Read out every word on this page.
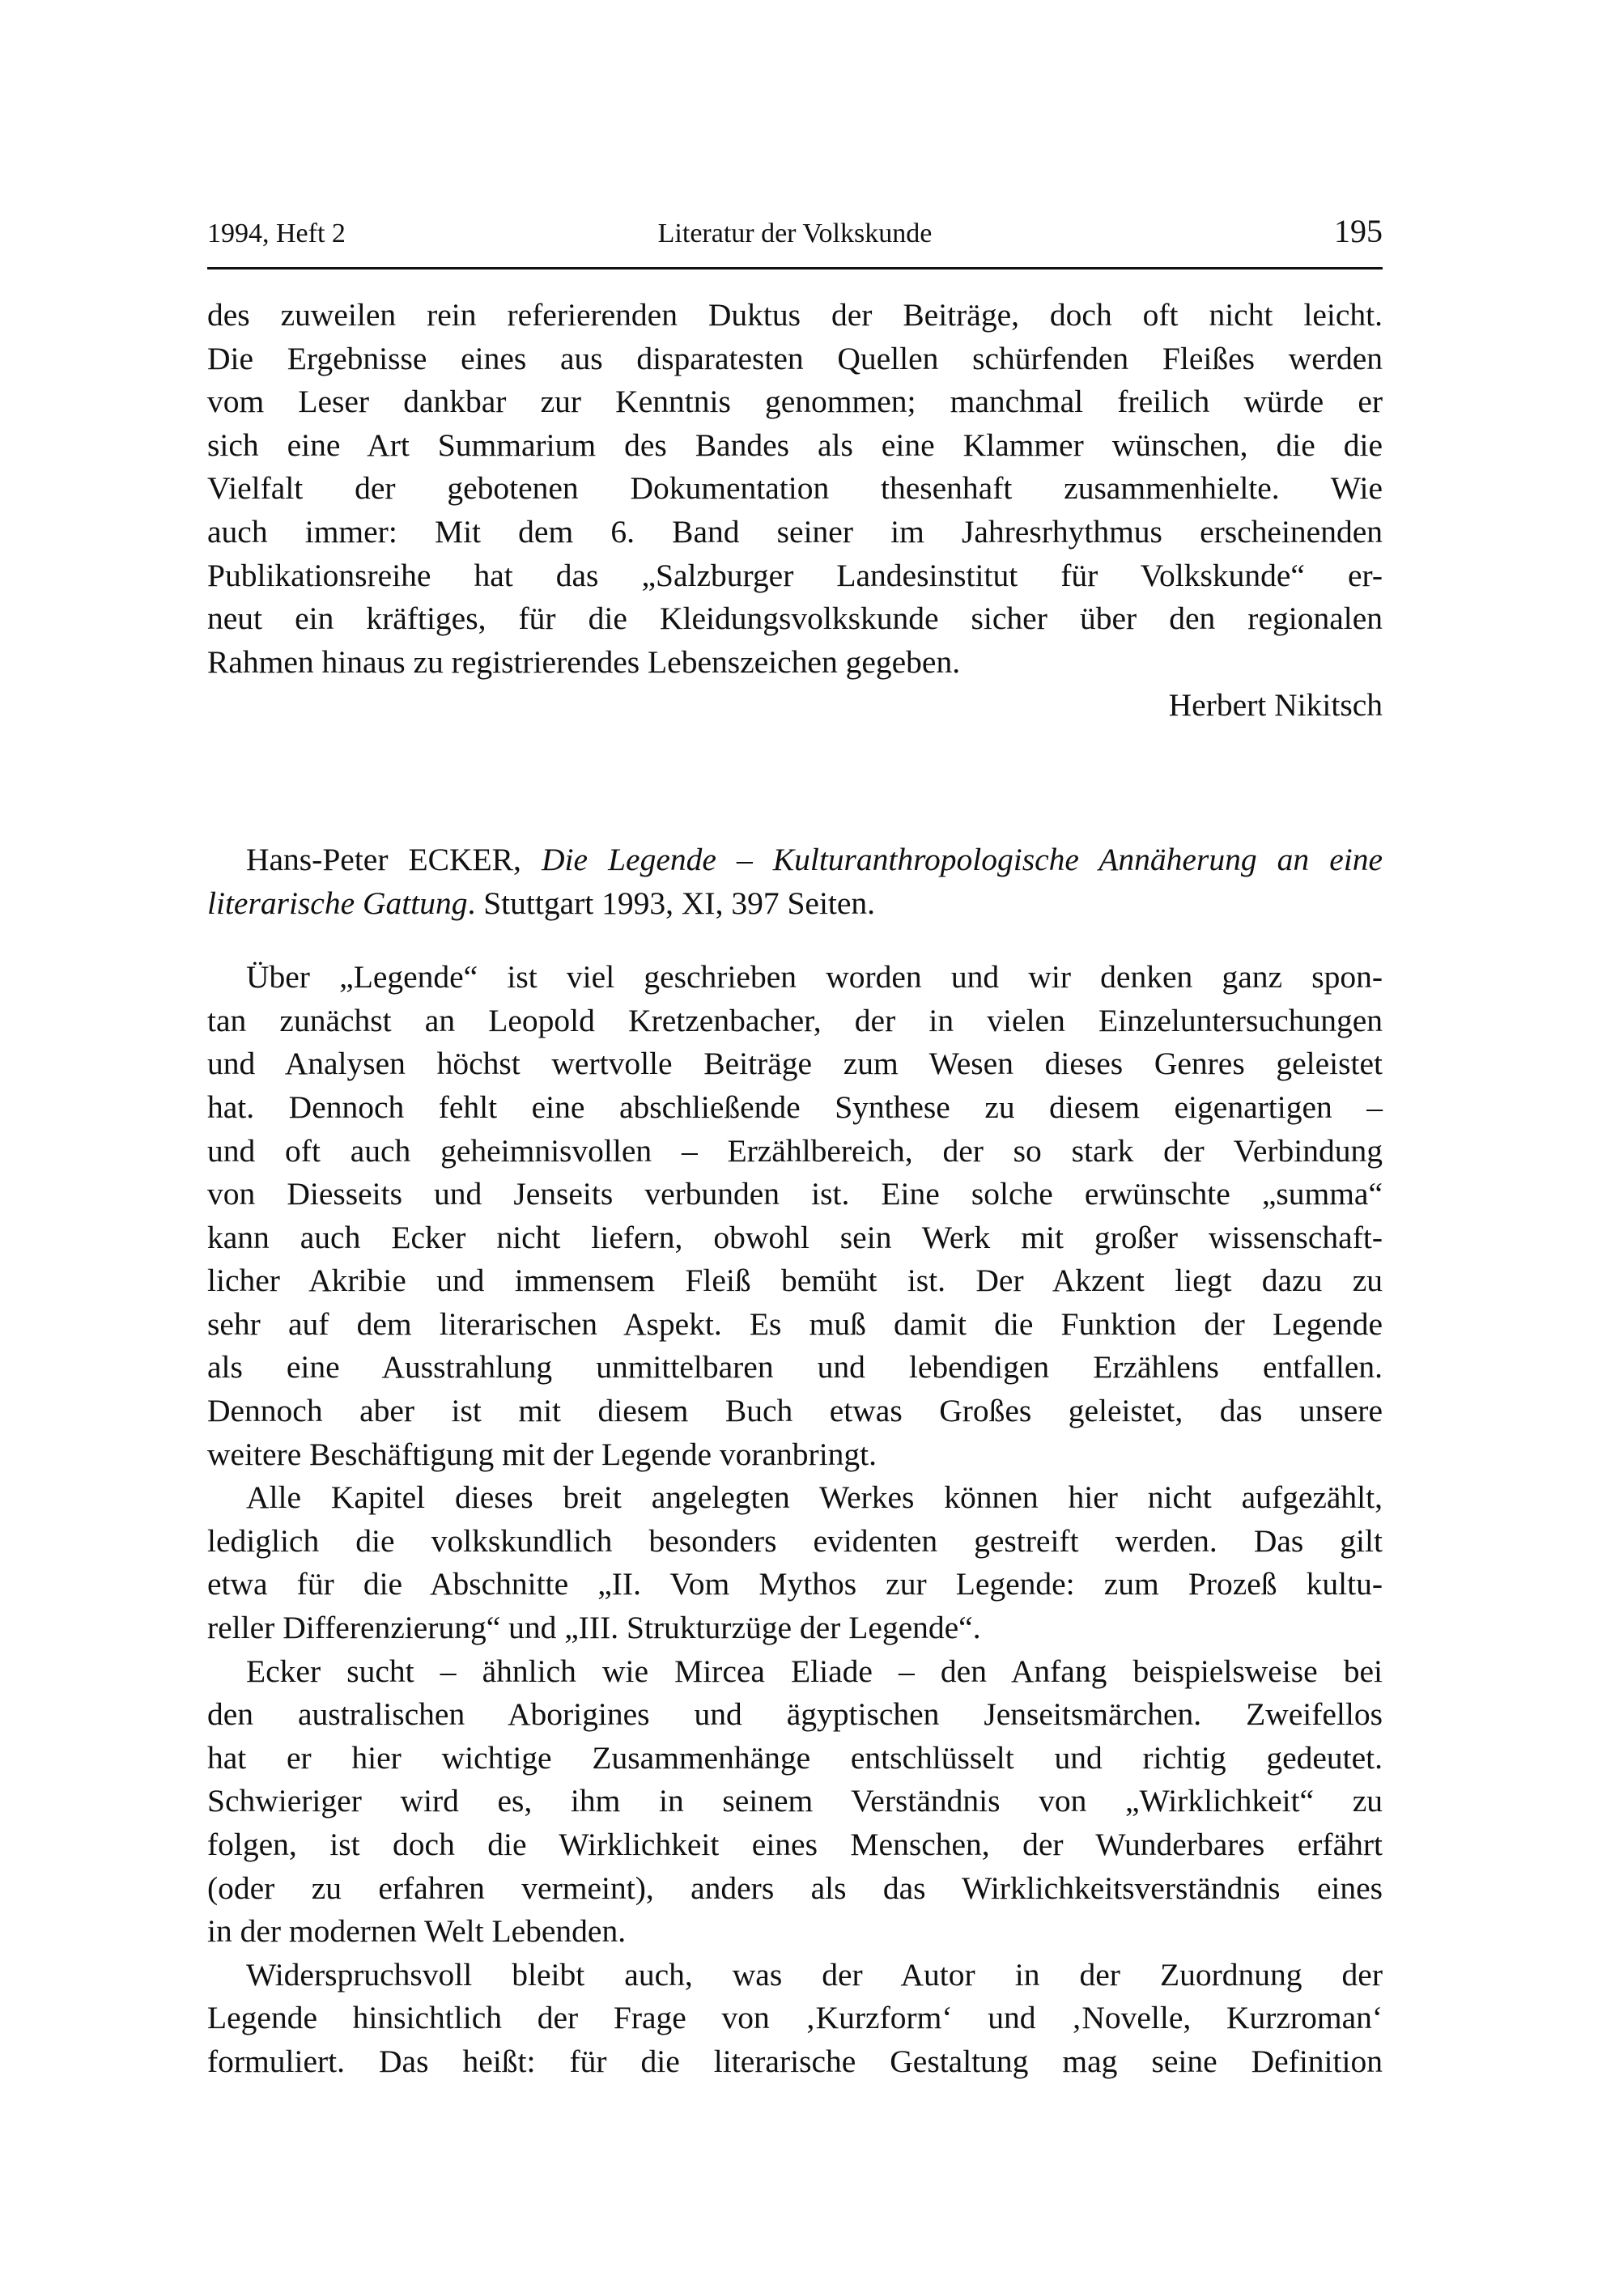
1994, Heft 2	Literatur der Volkskunde	195
des zuweilen rein referierenden Duktus der Beiträge, doch oft nicht leicht.
Die Ergebnisse eines aus disparatesten Quellen schürfenden Fleißes werden
vom Leser dankbar zur Kenntnis genommen; manchmal freilich würde er
sich eine Art Summarium des Bandes als eine Klammer wünschen, die die
Vielfalt der gebotenen Dokumentation thesenhaft zusammenhielte. Wie
auch immer: Mit dem 6. Band seiner im Jahresrhythmus erscheinenden
Publikationsreihe hat das „Salzburger Landesinstitut für Volkskunde“ er-
neut ein kräftiges, für die Kleidungsvolkskunde sicher über den regionalen
Rahmen hinaus zu registrierendes Lebenszeichen gegeben.

Herbert Nikitsch

Hans-Peter ECKER, Die Legende – Kulturanthropologische Annäherung an eine literarische Gattung. Stuttgart 1993, XI, 397 Seiten.
Über „Legende“ ist viel geschrieben worden und wir denken ganz spon-
tan zunächst an Leopold Kretzenbacher, der in vielen Einzeluntersuchungen
und Analysen höchst wertvolle Beiträge zum Wesen dieses Genres geleistet
hat. Dennoch fehlt eine abschließende Synthese zu diesem eigenartigen –
und oft auch geheimnisvollen – Erzählbereich, der so stark der Verbindung
von Diesseits und Jenseits verbunden ist. Eine solche erwünschte „summa“
kann auch Ecker nicht liefern, obwohl sein Werk mit großer wissenschaft-
licher Akribie und immensem Fleiß bemüht ist. Der Akzent liegt dazu zu
sehr auf dem literarischen Aspekt. Es muß damit die Funktion der Legende
als eine Ausstrahlung unmittelbaren und lebendigen Erzählens entfallen.
Dennoch aber ist mit diesem Buch etwas Großes geleistet, das unsere
weitere Beschäftigung mit der Legende voranbringt.
Alle Kapitel dieses breit angelegten Werkes können hier nicht aufgezählt,
lediglich die volkskundlich besonders evidenten gestreift werden. Das gilt
etwa für die Abschnitte „II. Vom Mythos zur Legende: zum Prozeß kultu-
reller Differenzierung“ und „III. Strukturzüge der Legende“.
Ecker sucht – ähnlich wie Mircea Eliade – den Anfang beispielsweise bei
den australischen Aborigines und ägyptischen Jenseitsmärchen. Zweifellos
hat er hier wichtige Zusammenhänge entschlüsselt und richtig gedeutet.
Schwieriger wird es, ihm in seinem Verständnis von „Wirklichkeit“ zu
folgen, ist doch die Wirklichkeit eines Menschen, der Wunderbares erfährt
(oder zu erfahren vermeint), anders als das Wirklichkeitsverständnis eines
in der modernen Welt Lebenden.
Widerspruchsvoll bleibt auch, was der Autor in der Zuordnung der
Legende hinsichtlich der Frage von ‚Kurzform‘ und ‚Novelle, Kurzroman‘
formuliert. Das heißt: für die literarische Gestaltung mag seine Definition
